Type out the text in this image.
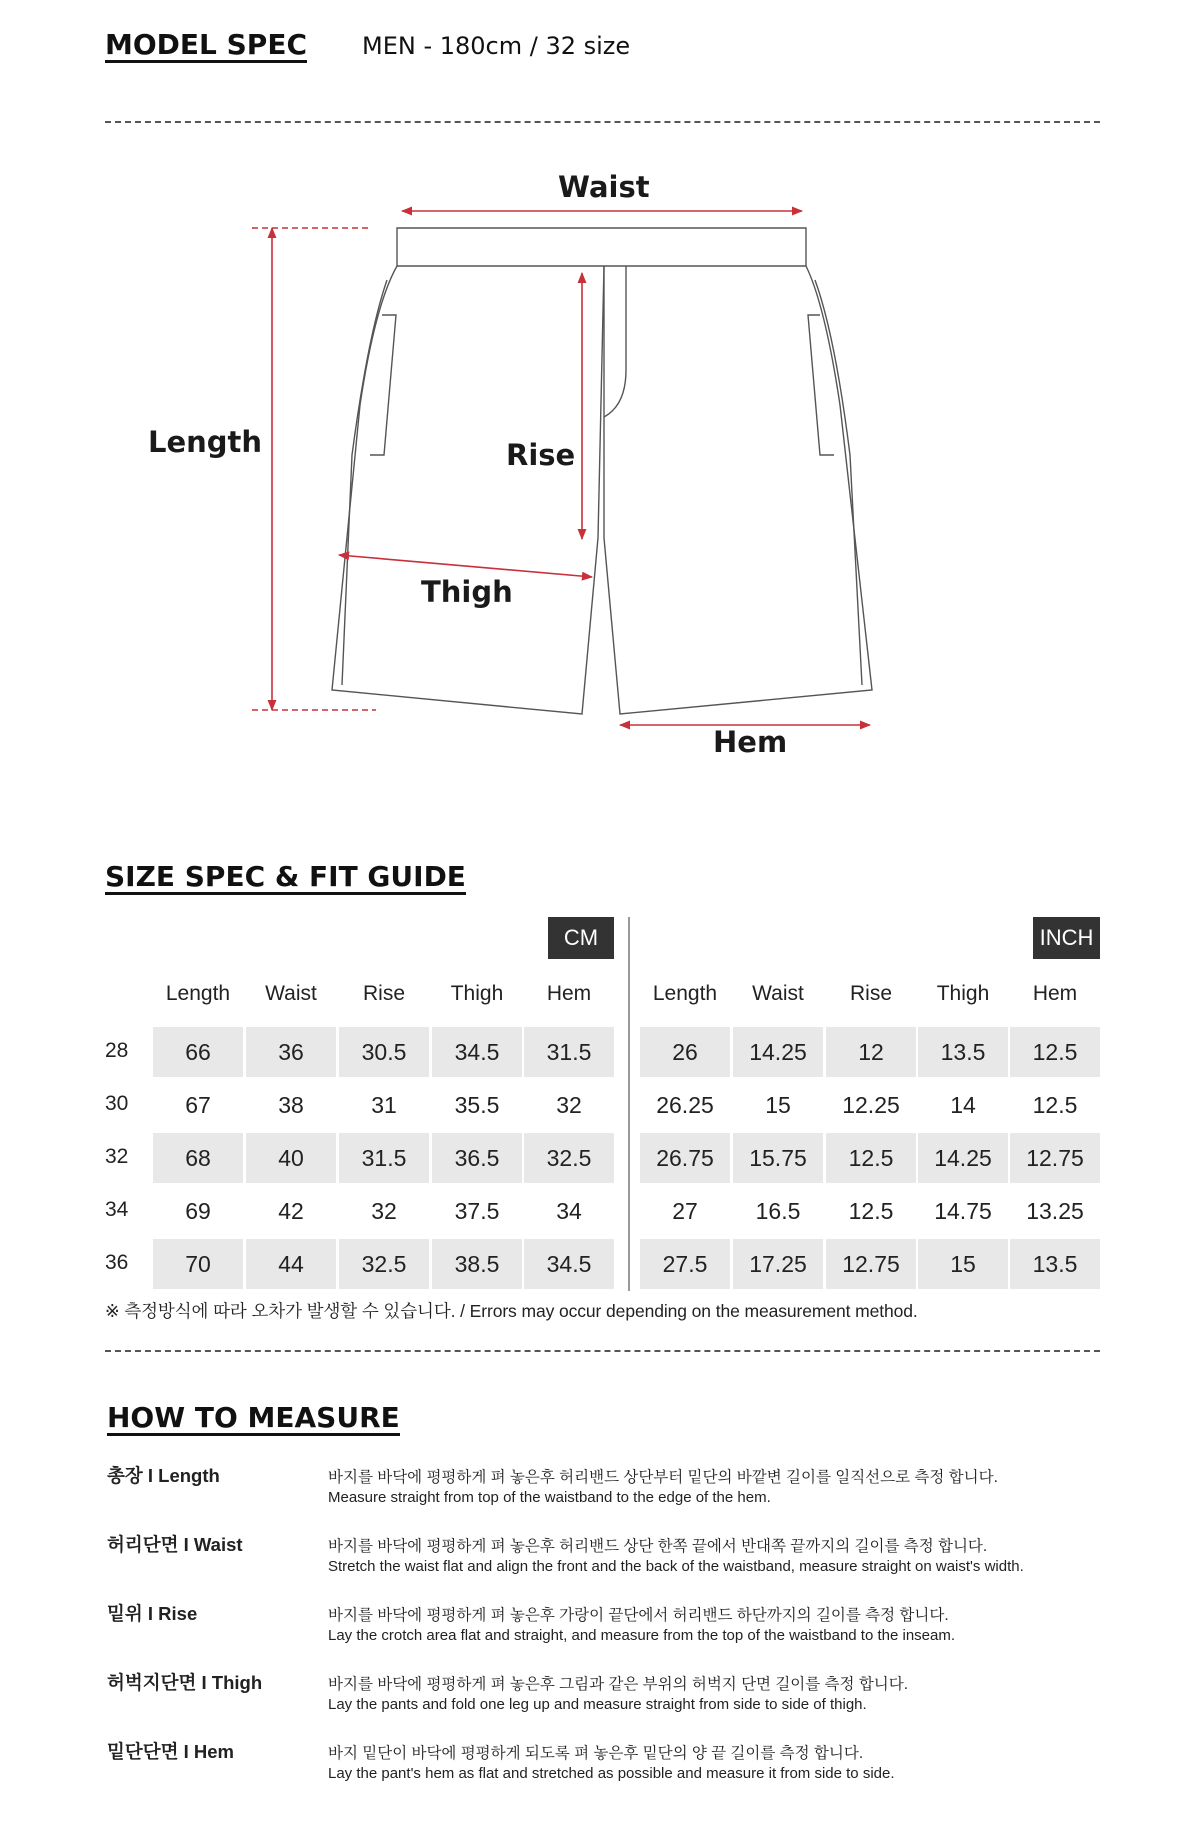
MODEL SPEC MEN - 180cm / 32 size
Waist
Length	Rise
Thigh
Hem
SIZE SPEC & FIT GUIDE
CM	INCH
Length	Waist	Rise	Thigh	Hem	Length	Waist	Rise	Thigh	Hem
28	66	36	30.5	34.5	31.5	26	14.25	12	13.5	12.5
30	67	38	31	35.5	32	26.25	15	12.25	14	12.5
32	68	40	31.5	36.5	32.5	26.75	15.75	12.5	14.25	12.75
34	69	42	32	37.5	34	27	16.5	12.5	14.75	13.25
36	70	44	32.5	38.5	34.5	27.5	17.25	12.75	15	13.5
※ 측정방식에 따라 오차가 발생할 수 있습니다. / Errors may occur depending on the measurement method.
HOW TO MEASURE
총장 I Length	바지를 바닥에 평평하게 펴 놓은후 허리밴드 상단부터 밑단의 바깥변 길이를 일직선으로 측정 합니다.
Measure straight from top of the waistband to the edge of the hem.
허리단면 I Waist	바지를 바닥에 평평하게 펴 놓은후 허리밴드 상단 한쪽 끝에서 반대쪽 끝까지의 길이를 측정 합니다.
Stretch the waist flat and align the front and the back of the waistband, measure straight on waist's width.
밑위 I Rise	바지를 바닥에 평평하게 펴 놓은후 가랑이 끝단에서 허리밴드 하단까지의 길이를 측정 합니다.
Lay the crotch area flat and straight, and measure from the top of the waistband to the inseam.
허벅지단면 I Thigh	바지를 바닥에 평평하게 펴 놓은후 그림과 같은 부위의 허벅지 단면 길이를 측정 합니다.
Lay the pants and fold one leg up and measure straight from side to side of thigh.
밑단단면 I Hem	바지 밑단이 바닥에 평평하게 되도록 펴 놓은후 밑단의 양 끝 길이를 측정 합니다.
Lay the pant's hem as flat and stretched as possible and measure it from side to side.
